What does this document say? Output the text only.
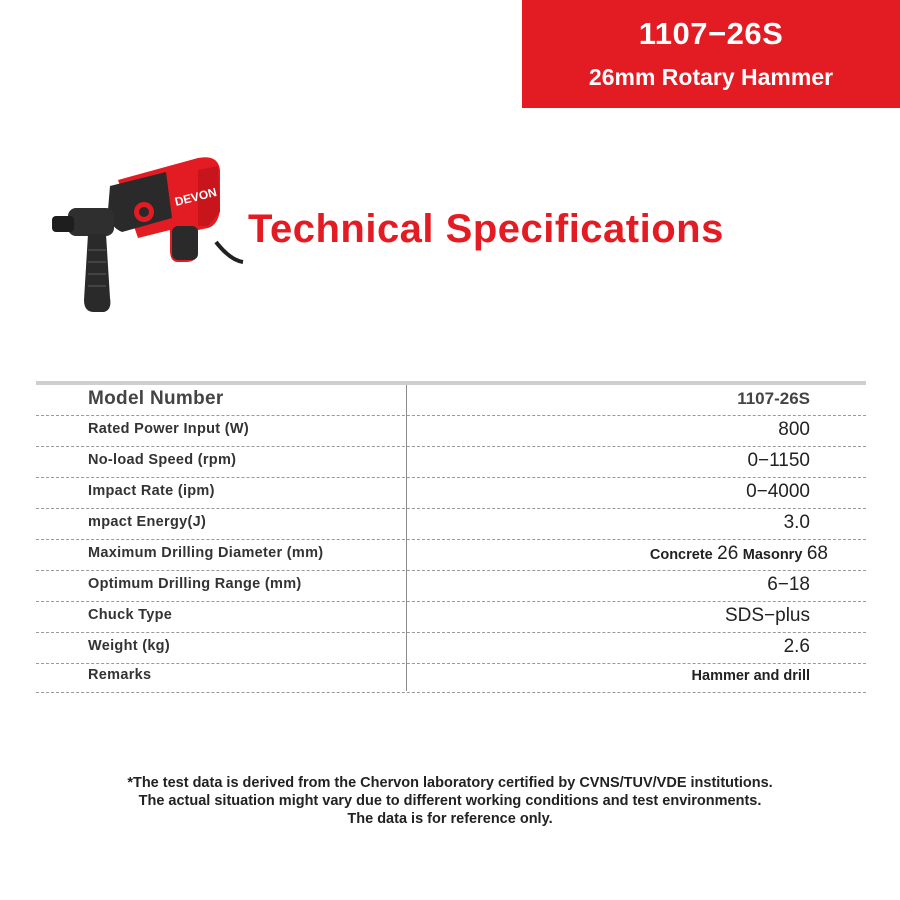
1107−26S
26mm Rotary Hammer
DEVON
Technical Specifications
Model Number	1107-26S
Rated Power Input (W)	800
No-load Speed (rpm)	0−1150
Impact Rate (ipm)	0−4000
mpact Energy(J)	3.0
Maximum Drilling Diameter (mm)	Concrete 26 Masonry 68
Optimum Drilling Range (mm)	6−18
Chuck Type	SDS−plus
Weight (kg)	2.6
Remarks	Hammer and drill
*The test data is derived from the Chervon laboratory certified by CVNS/TUV/VDE institutions.
The actual situation might vary due to different working conditions and test environments.
The data is for reference only.
